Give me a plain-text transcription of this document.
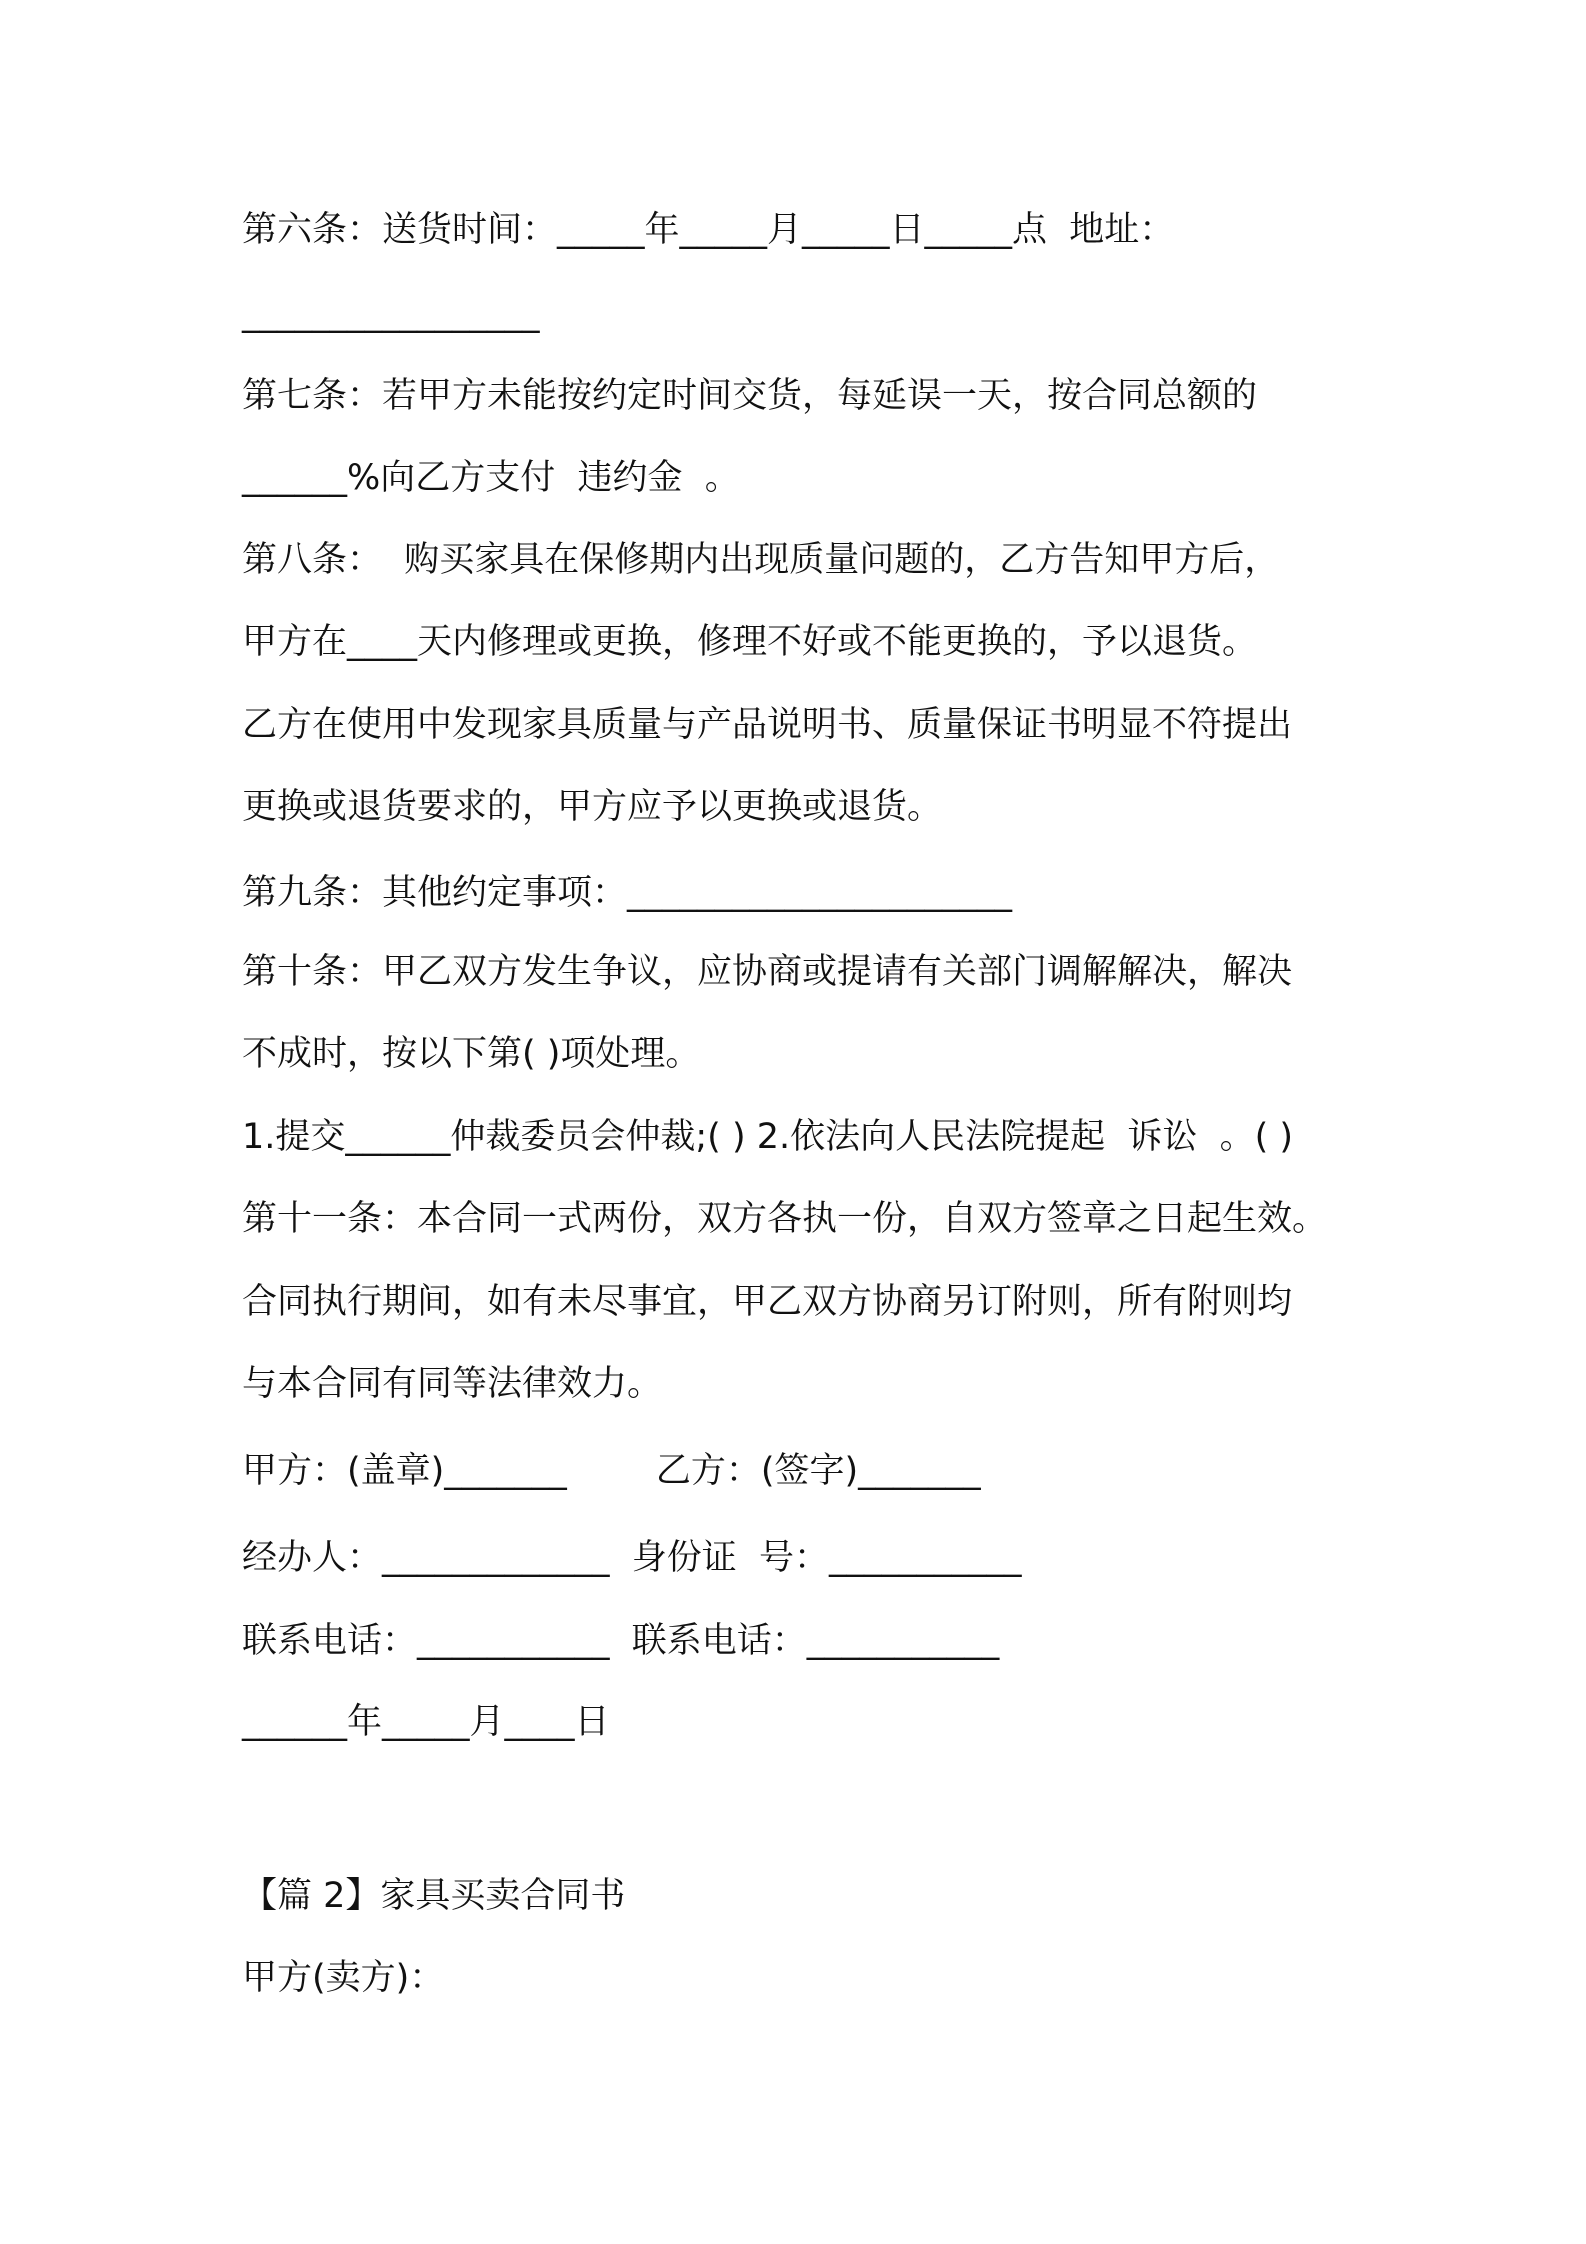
第六条：送货时间：_____年_____月_____日_____点  地址：
_________________
第七条：若甲方未能按约定时间交货，每延误一天，按合同总额的
______%向乙方支付  违约金  。
第八条：  购买家具在保修期内出现质量问题的，乙方告知甲方后，
甲方在____天内修理或更换，修理不好或不能更换的，予以退货。
乙方在使用中发现家具质量与产品说明书、质量保证书明显不符提出
更换或退货要求的，甲方应予以更换或退货。
第九条：其他约定事项：______________________
第十条：甲乙双方发生争议，应协商或提请有关部门调解解决，解决
不成时，按以下第( )项处理。
1.提交______仲裁委员会仲裁;( ) 2.依法向人民法院提起  诉讼  。( )
第十一条：本合同一式两份，双方各执一份，自双方签章之日起生效。
合同执行期间，如有未尽事宜，甲乙双方协商另订附则，所有附则均
与本合同有同等法律效力。
甲方：(盖章)_______        乙方：(签字)_______
经办人：_____________  身份证  号：___________
联系电话：___________  联系电话：___________
______年_____月____日
【篇 2】家具买卖合同书
甲方(卖方)：
